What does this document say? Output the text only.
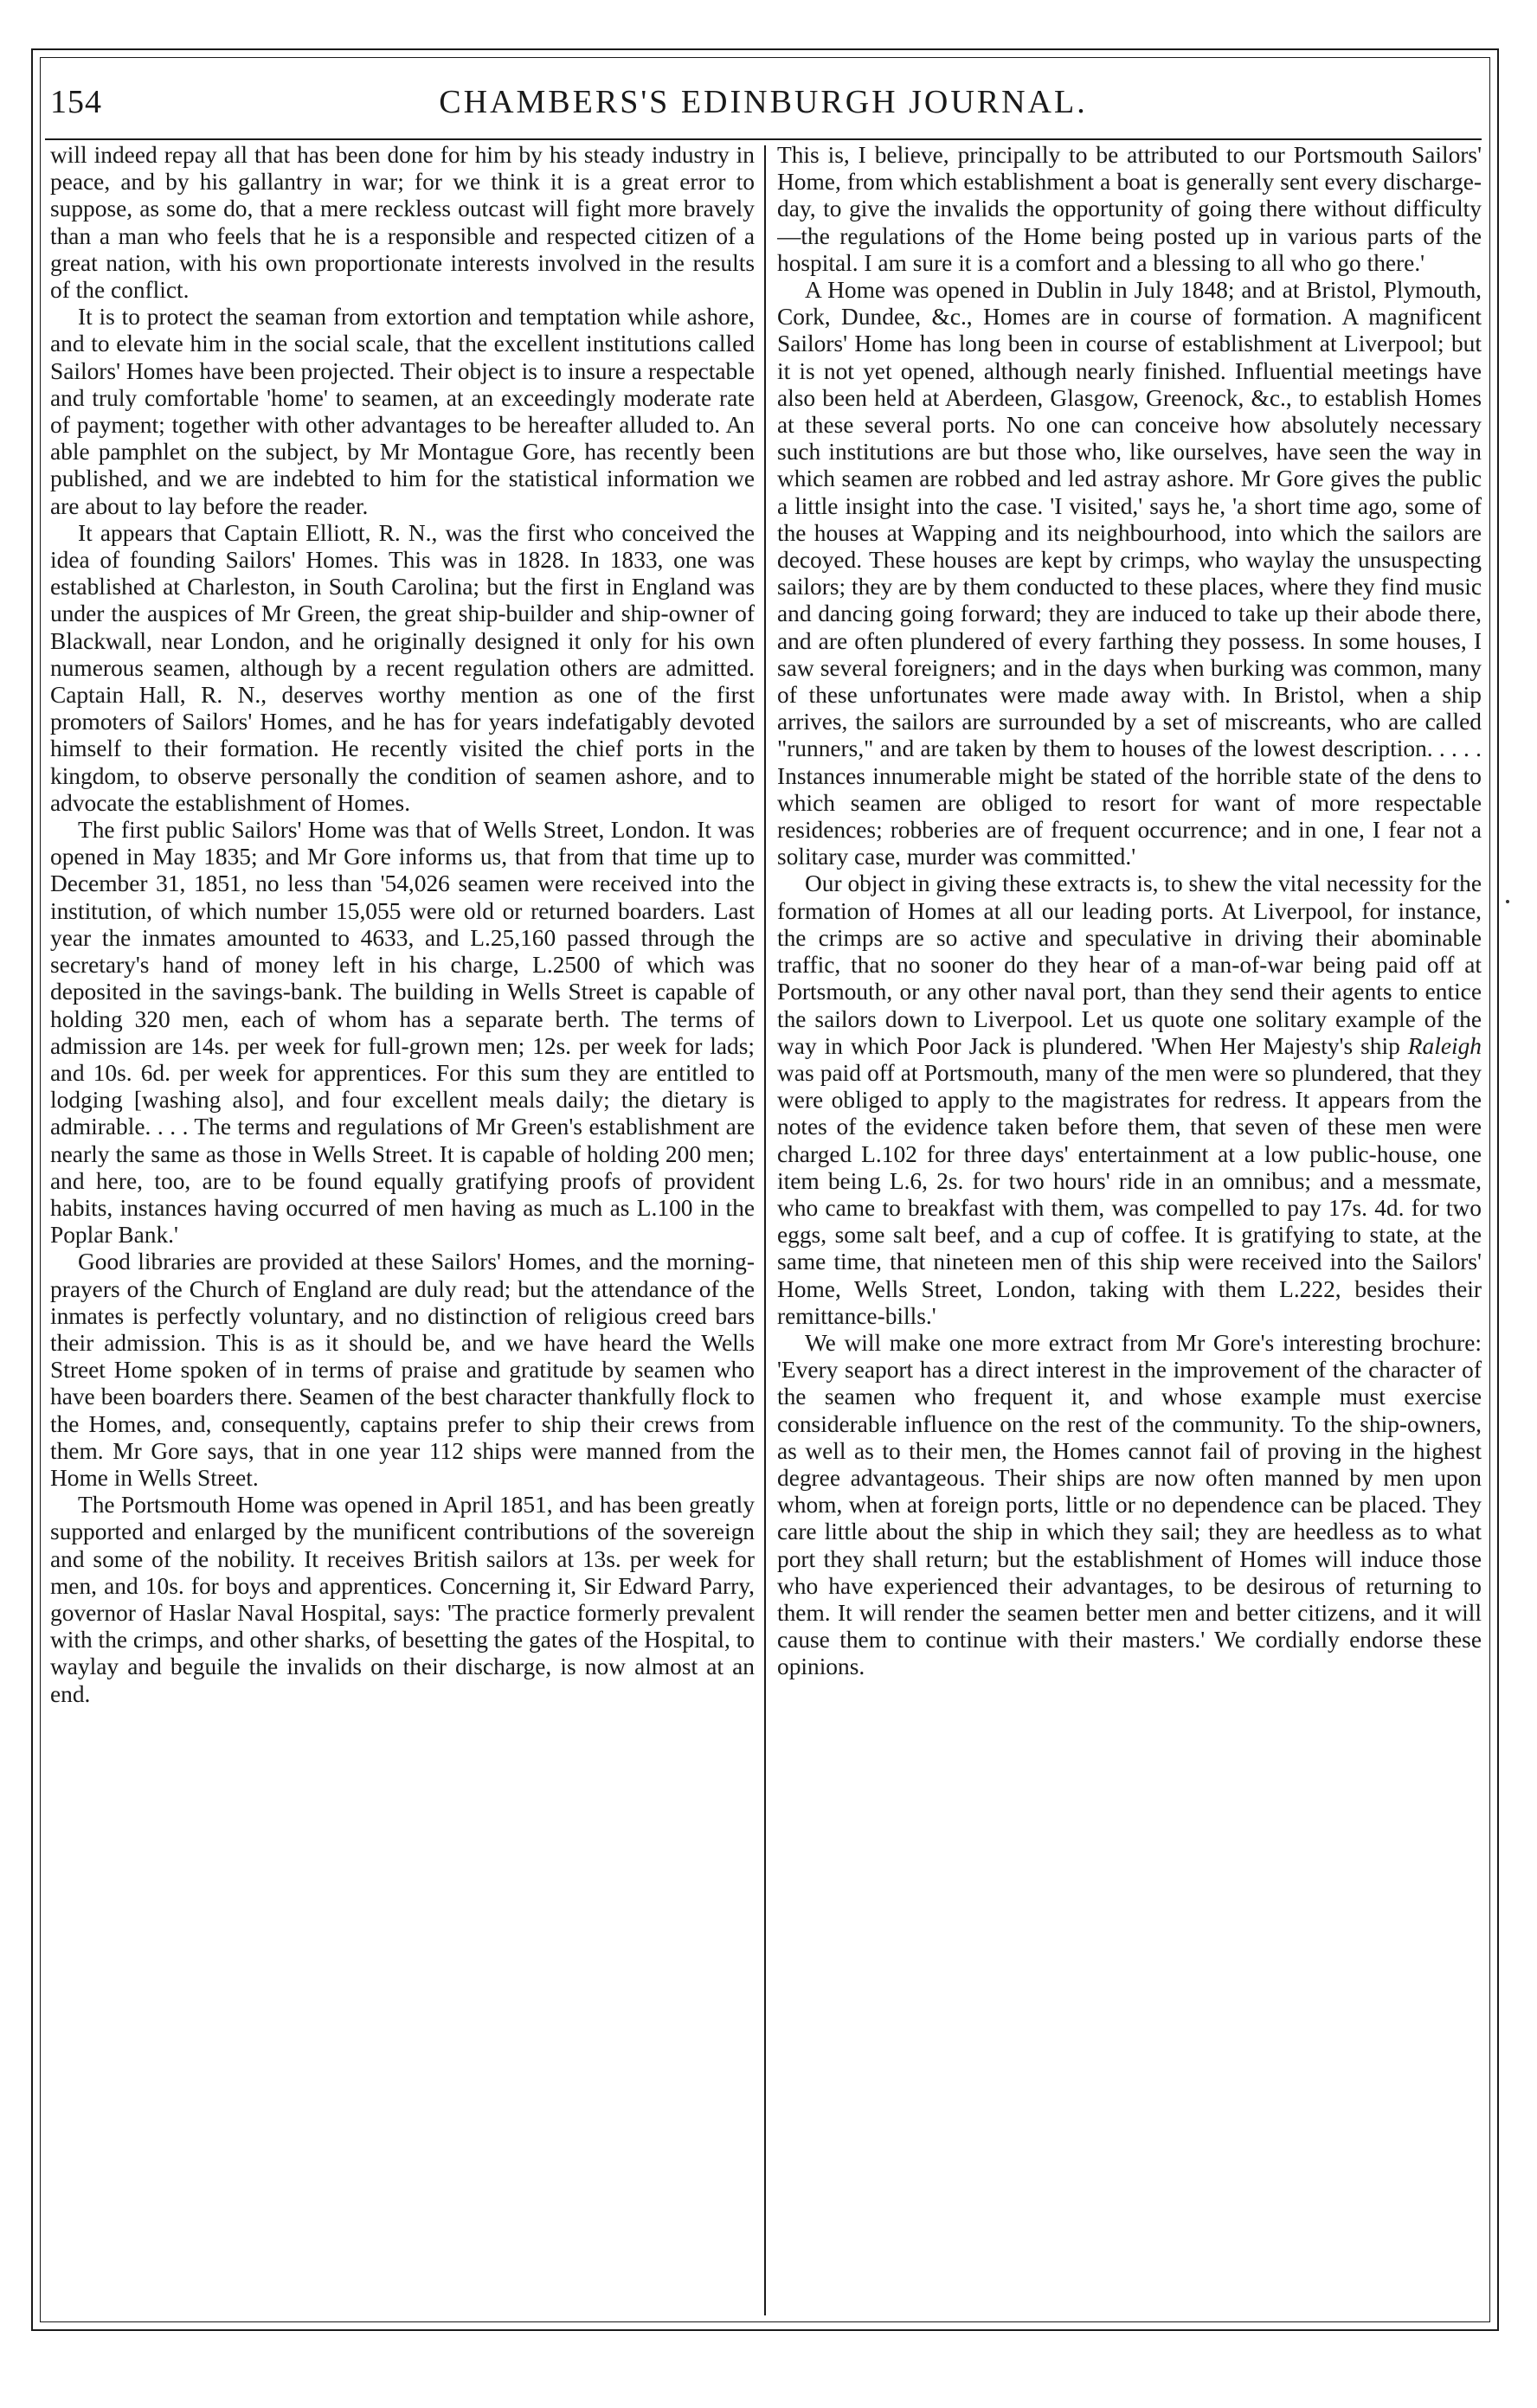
154	CHAMBERS'S EDINBURGH JOURNAL.

will indeed repay all that has been done for him by his steady industry in peace, and by his gallantry in war; for we think it is a great error to suppose, as some do, that a mere reckless outcast will fight more bravely than a man who feels that he is a responsible and respected citizen of a great nation, with his own proportionate interests involved in the results of the conflict.

It is to protect the seaman from extortion and temptation while ashore, and to elevate him in the social scale, that the excellent institutions called Sailors' Homes have been projected. Their object is to insure a respectable and truly comfortable 'home' to seamen, at an exceedingly moderate rate of payment; together with other advantages to be hereafter alluded to. An able pamphlet on the subject, by Mr Montague Gore, has recently been published, and we are indebted to him for the statistical information we are about to lay before the reader.

It appears that Captain Elliott, R. N., was the first who conceived the idea of founding Sailors' Homes. This was in 1828. In 1833, one was established at Charleston, in South Carolina; but the first in England was under the auspices of Mr Green, the great ship-builder and ship-owner of Blackwall, near London, and he originally designed it only for his own numerous seamen, although by a recent regulation others are admitted. Captain Hall, R. N., deserves worthy mention as one of the first promoters of Sailors' Homes, and he has for years indefatigably devoted himself to their formation. He recently visited the chief ports in the kingdom, to observe personally the condition of seamen ashore, and to advocate the establishment of Homes.

The first public Sailors' Home was that of Wells Street, London. It was opened in May 1835; and Mr Gore informs us, that from that time up to December 31, 1851, no less than '54,026 seamen were received into the institution, of which number 15,055 were old or returned boarders. Last year the inmates amounted to 4633, and L.25,160 passed through the secretary's hand of money left in his charge, L.2500 of which was deposited in the savings-bank. The building in Wells Street is capable of holding 320 men, each of whom has a separate berth. The terms of admission are 14s. per week for full-grown men; 12s. per week for lads; and 10s. 6d. per week for apprentices. For this sum they are entitled to lodging [washing also], and four excellent meals daily; the dietary is admirable. . . . The terms and regulations of Mr Green's establishment are nearly the same as those in Wells Street. It is capable of holding 200 men; and here, too, are to be found equally gratifying proofs of provident habits, instances having occurred of men having as much as L.100 in the Poplar Bank.'

Good libraries are provided at these Sailors' Homes, and the morning-prayers of the Church of England are duly read; but the attendance of the inmates is perfectly voluntary, and no distinction of religious creed bars their admission. This is as it should be, and we have heard the Wells Street Home spoken of in terms of praise and gratitude by seamen who have been boarders there. Seamen of the best character thankfully flock to the Homes, and, consequently, captains prefer to ship their crews from them. Mr Gore says, that in one year 112 ships were manned from the Home in Wells Street.

The Portsmouth Home was opened in April 1851, and has been greatly supported and enlarged by the munificent contributions of the sovereign and some of the nobility. It receives British sailors at 13s. per week for men, and 10s. for boys and apprentices. Concerning it, Sir Edward Parry, governor of Haslar Naval Hospital, says: 'The practice formerly prevalent with the crimps, and other sharks, of besetting the gates of the Hospital, to waylay and beguile the invalids on their discharge, is now almost at an end.

This is, I believe, principally to be attributed to our Portsmouth Sailors' Home, from which establishment a boat is generally sent every discharge-day, to give the invalids the opportunity of going there without difficulty—the regulations of the Home being posted up in various parts of the hospital. I am sure it is a comfort and a blessing to all who go there.'

A Home was opened in Dublin in July 1848; and at Bristol, Plymouth, Cork, Dundee, &c., Homes are in course of formation. A magnificent Sailors' Home has long been in course of establishment at Liverpool; but it is not yet opened, although nearly finished. Influential meetings have also been held at Aberdeen, Glasgow, Greenock, &c., to establish Homes at these several ports. No one can conceive how absolutely necessary such institutions are but those who, like ourselves, have seen the way in which seamen are robbed and led astray ashore. Mr Gore gives the public a little insight into the case. 'I visited,' says he, 'a short time ago, some of the houses at Wapping and its neighbourhood, into which the sailors are decoyed. These houses are kept by crimps, who waylay the unsuspecting sailors; they are by them conducted to these places, where they find music and dancing going forward; they are induced to take up their abode there, and are often plundered of every farthing they possess. In some houses, I saw several foreigners; and in the days when burking was common, many of these unfortunates were made away with. In Bristol, when a ship arrives, the sailors are surrounded by a set of miscreants, who are called "runners," and are taken by them to houses of the lowest description. . . . . Instances innumerable might be stated of the horrible state of the dens to which seamen are obliged to resort for want of more respectable residences; robberies are of frequent occurrence; and in one, I fear not a solitary case, murder was committed.'

Our object in giving these extracts is, to shew the vital necessity for the formation of Homes at all our leading ports. At Liverpool, for instance, the crimps are so active and speculative in driving their abominable traffic, that no sooner do they hear of a man-of-war being paid off at Portsmouth, or any other naval port, than they send their agents to entice the sailors down to Liverpool. Let us quote one solitary example of the way in which Poor Jack is plundered. 'When Her Majesty's ship Raleigh was paid off at Portsmouth, many of the men were so plundered, that they were obliged to apply to the magistrates for redress. It appears from the notes of the evidence taken before them, that seven of these men were charged L.102 for three days' entertainment at a low public-house, one item being L.6, 2s. for two hours' ride in an omnibus; and a messmate, who came to breakfast with them, was compelled to pay 17s. 4d. for two eggs, some salt beef, and a cup of coffee. It is gratifying to state, at the same time, that nineteen men of this ship were received into the Sailors' Home, Wells Street, London, taking with them L.222, besides their remittance-bills.'

We will make one more extract from Mr Gore's interesting brochure: 'Every seaport has a direct interest in the improvement of the character of the seamen who frequent it, and whose example must exercise considerable influence on the rest of the community. To the ship-owners, as well as to their men, the Homes cannot fail of proving in the highest degree advantageous. Their ships are now often manned by men upon whom, when at foreign ports, little or no dependence can be placed. They care little about the ship in which they sail; they are heedless as to what port they shall return; but the establishment of Homes will induce those who have experienced their advantages, to be desirous of returning to them. It will render the seamen better men and better citizens, and it will cause them to continue with their masters.' We cordially endorse these opinions.
